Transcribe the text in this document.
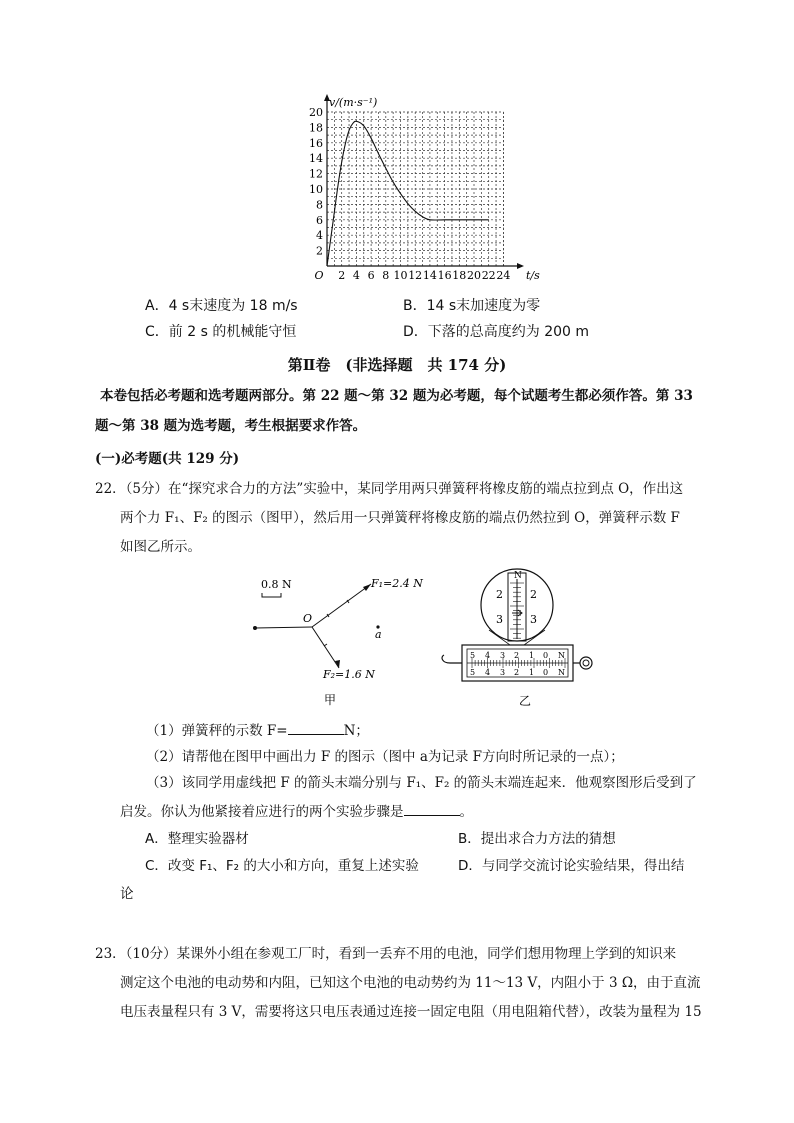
2 4 6 8 10 12 14 16 18 20 22 24
2
4
6
8
10
12
14
16
18
20
O
v/(m·s⁻¹)
t/s
A．4 s末速度为 18 m/s	B．14 s末加速度为零
C．前 2 s 的机械能守恒	D．下落的总高度约为 200 m
第Ⅱ卷　(非选择题　共 174 分)
本卷包括必考题和选考题两部分。第 22 题～第 32 题为必考题，每个试题考生都必须作答。第 33
题～第 38 题为选考题，考生根据要求作答。
(一)必考题(共 129 分)
22．（5分）在“探究求合力的方法”实验中，某同学用两只弹簧秤将橡皮筋的端点拉到点 O，作出这
两个力 F₁、F₂ 的图示（图甲），然后用一只弹簧秤将橡皮筋的端点仍然拉到 O，弹簧秤示数 F
如图乙所示。
0.8 N	F₁=2.4 N
F₂=1.6 N
O
a
甲
N
2
3
2
3
5 4 3 2 1 0 N
5 4 3 2 1 0 N
乙
（1）弹簧秤的示数 F=	N；
（2）请帮他在图甲中画出力 F 的图示（图中 a为记录 F方向时所记录的一点）；
（3）该同学用虚线把 F 的箭头末端分别与 F₁、F₂ 的箭头末端连起来．他观察图形后受到了
启发。你认为他紧接着应进行的两个实验步骤是	。
A．整理实验器材	B．提出求合力方法的猜想
C．改变 F₁、F₂ 的大小和方向，重复上述实验	D．与同学交流讨论实验结果，得出结
论
23．（10分）某课外小组在参观工厂时，看到一丢弃不用的电池，同学们想用物理上学到的知识来
测定这个电池的电动势和内阻，已知这个电池的电动势约为 11～13 V，内阻小于 3 Ω，由于直流
电压表量程只有 3 V，需要将这只电压表通过连接一固定电阻（用电阻箱代替），改装为量程为 15
